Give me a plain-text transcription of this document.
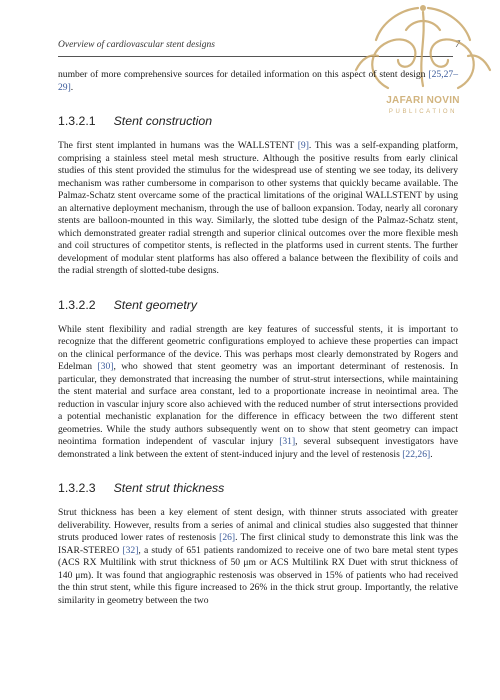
Overview of cardiovascular stent designs	7
JAFARI NOVIN
PUBLICATION

number of more comprehensive sources for detailed information on this aspect of stent design [25,27–29].

1.3.2.1 Stent construction

The first stent implanted in humans was the WALLSTENT [9]. This was a self-expanding platform, comprising a stainless steel metal mesh structure. Although the positive results from early clinical studies of this stent provided the stimulus for the widespread use of stenting we see today, its delivery mechanism was rather cumbersome in comparison to other systems that quickly became available. The Palmaz-Schatz stent overcame some of the practical limitations of the original WALLSTENT by using an alternative deployment mechanism, through the use of balloon expansion. Today, nearly all coronary stents are balloon-mounted in this way. Similarly, the slotted tube design of the Palmaz-Schatz stent, which demonstrated greater radial strength and superior clinical outcomes over the more flexible mesh and coil structures of competitor stents, is reflected in the platforms used in current stents. The further development of modular stent platforms has also offered a balance between the flexibility of coils and the radial strength of slotted-tube designs.

1.3.2.2 Stent geometry

While stent flexibility and radial strength are key features of successful stents, it is important to recognize that the different geometric configurations employed to achieve these properties can impact on the clinical performance of the device. This was perhaps most clearly demonstrated by Rogers and Edelman [30], who showed that stent geometry was an important determinant of restenosis. In particular, they demonstrated that increasing the number of strut-strut intersections, while maintaining the stent material and surface area constant, led to a proportionate increase in neointimal area. The reduction in vascular injury score also achieved with the reduced number of strut intersections provided a potential mechanistic explanation for the difference in efficacy between the two different stent geometries. While the study authors subsequently went on to show that stent geometry can impact neointima formation independent of vascular injury [31], several subsequent investigators have demonstrated a link between the extent of stent-induced injury and the level of restenosis [22,26].

1.3.2.3 Stent strut thickness

Strut thickness has been a key element of stent design, with thinner struts associated with greater deliverability. However, results from a series of animal and clinical studies also suggested that thinner struts produced lower rates of restenosis [26]. The first clinical study to demonstrate this link was the ISAR-STEREO [32], a study of 651 patients randomized to receive one of two bare metal stent types (ACS RX Multilink with strut thickness of 50 μm or ACS Multilink RX Duet with strut thickness of 140 μm). It was found that angiographic restenosis was observed in 15% of patients who had received the thin strut stent, while this figure increased to 26% in the thick strut group. Importantly, the relative similarity in geometry between the two
